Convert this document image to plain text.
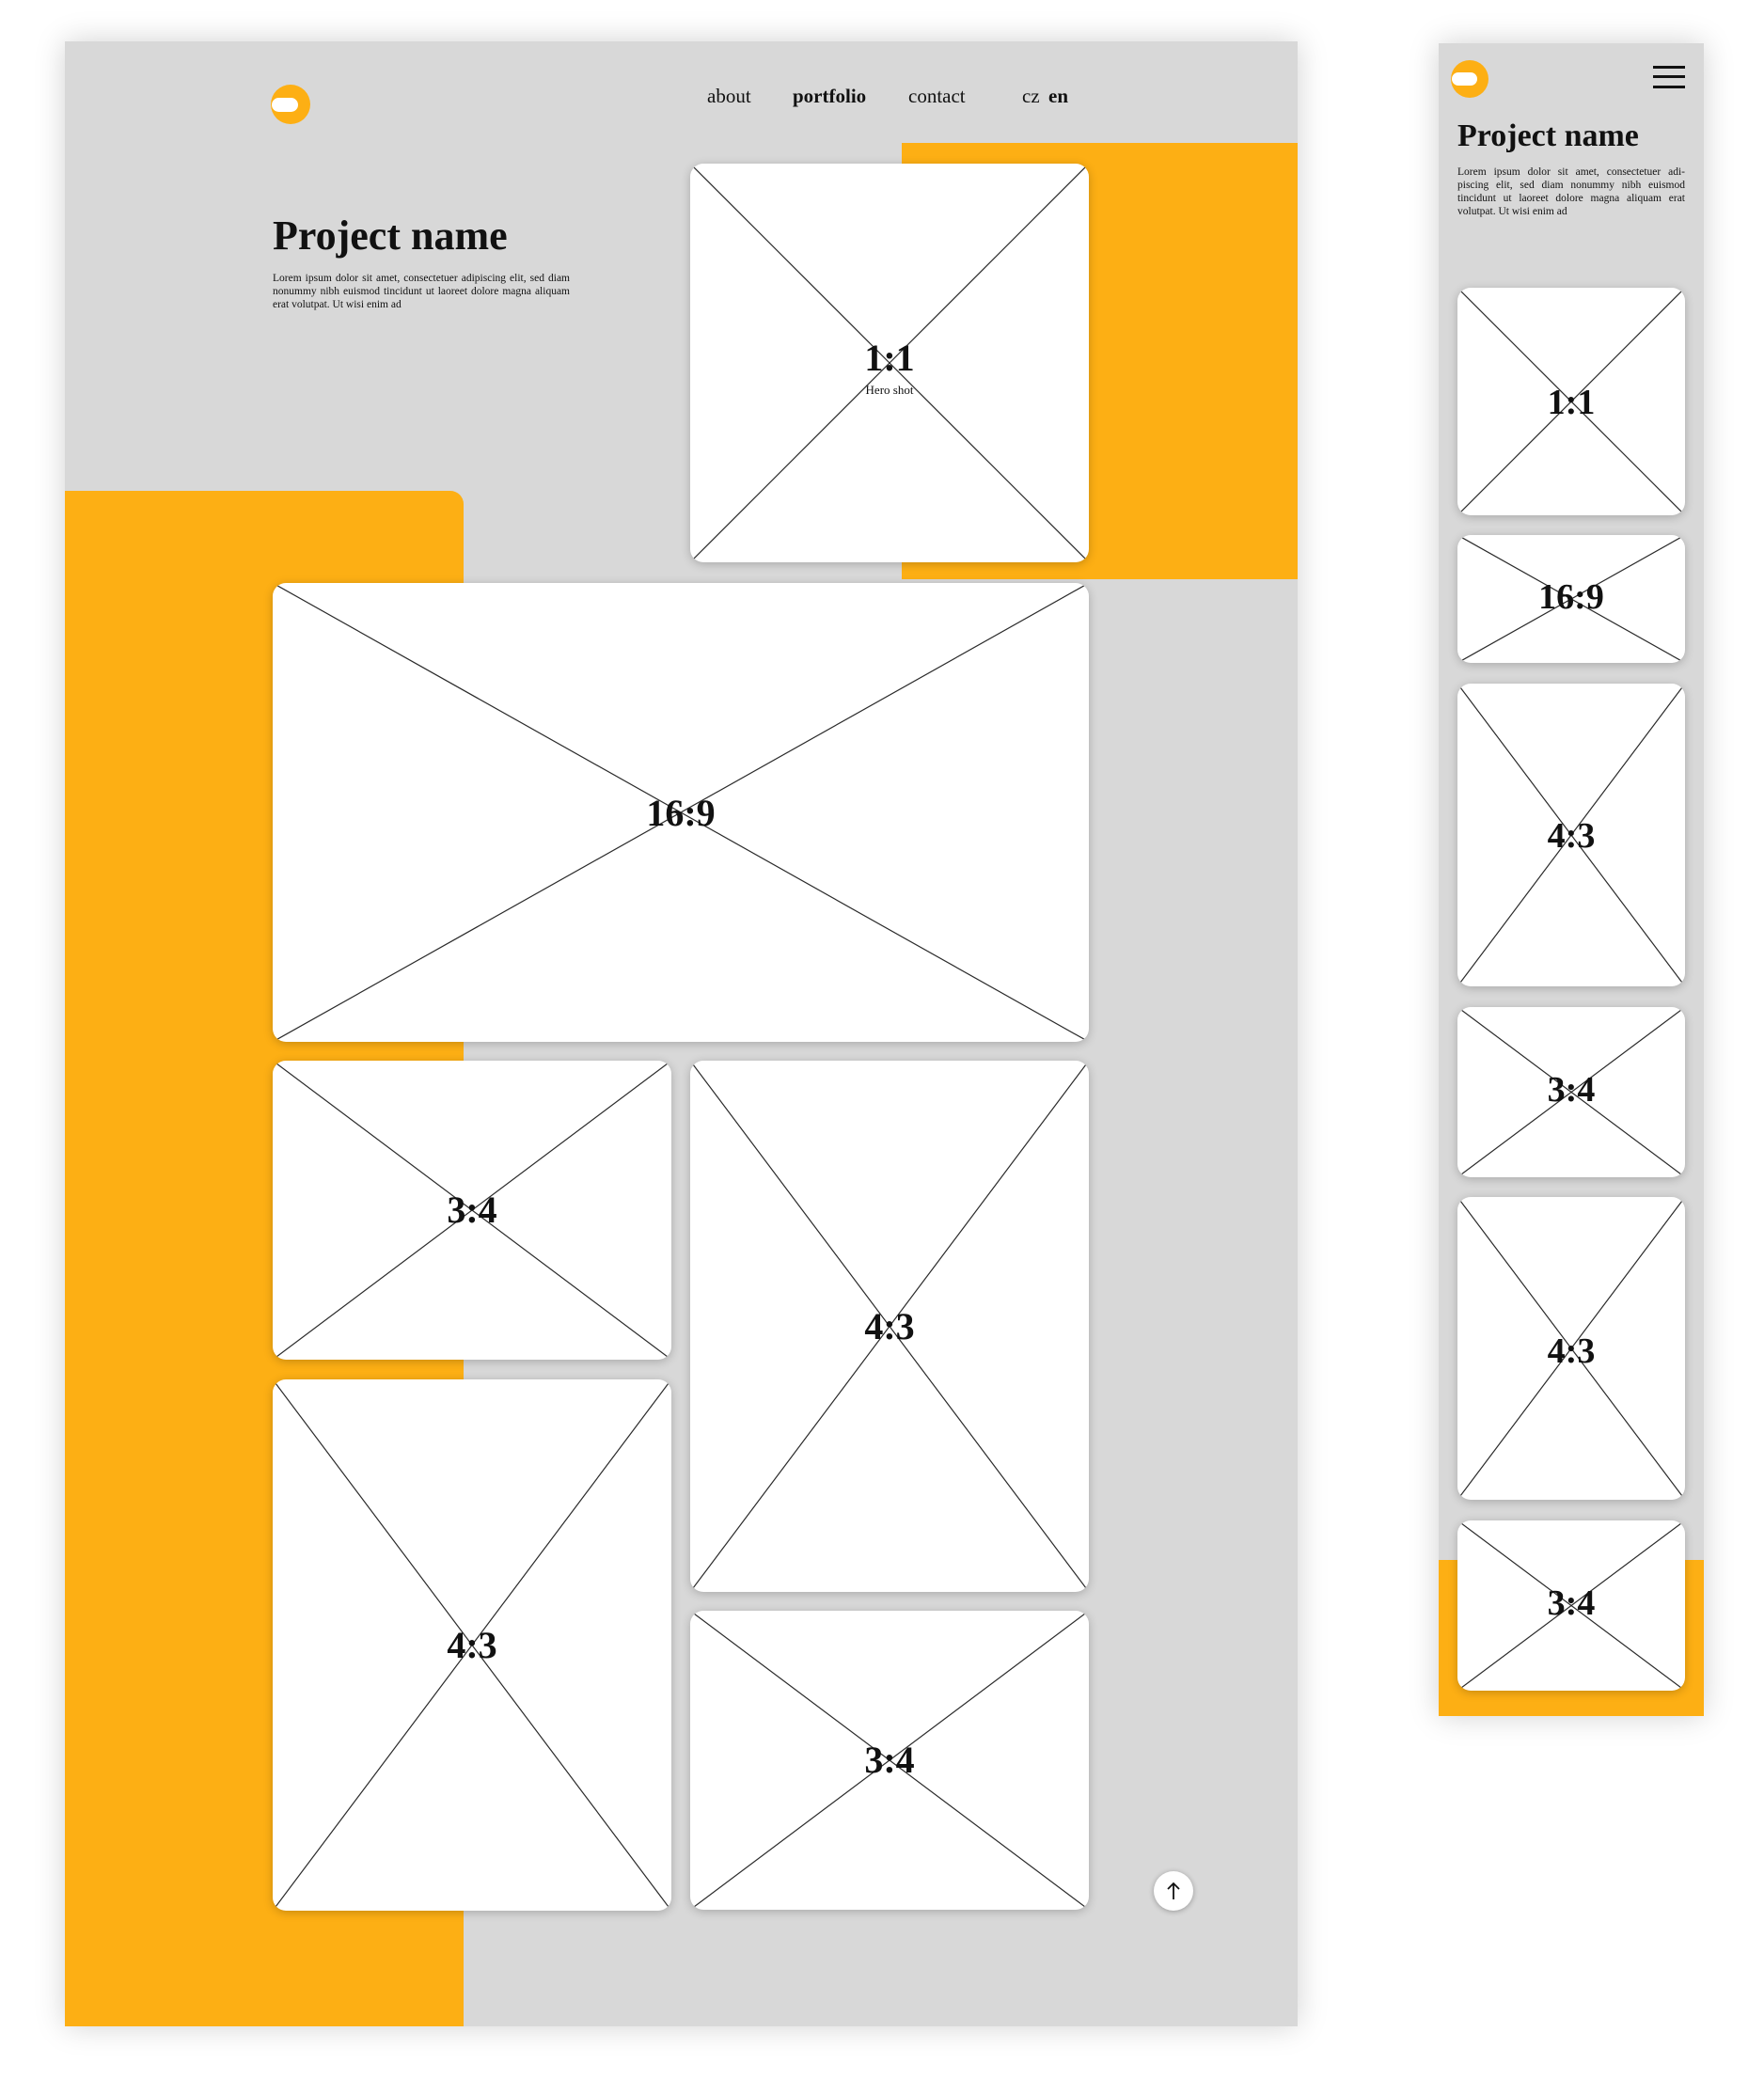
about portfolio contact	cz en
Project name

Lorem ipsum dolor sit amet, consectetuer adipiscing elit, sed diam nonummy nibh euismod tincidunt ut laoreet dolore magna aliquam erat volutpat. Ut wisi enim ad

1:1
Hero shot
16:9
3:4
4:3
4:3
3:4
Project name

Lorem ipsum dolor sit amet, consectetuer adi- piscing elit, sed diam nonummy nibh euismod tincidunt ut laoreet dolore magna aliquam erat volutpat. Ut wisi enim ad

1:1
16:9
4:3
3:4
4:3
3:4
